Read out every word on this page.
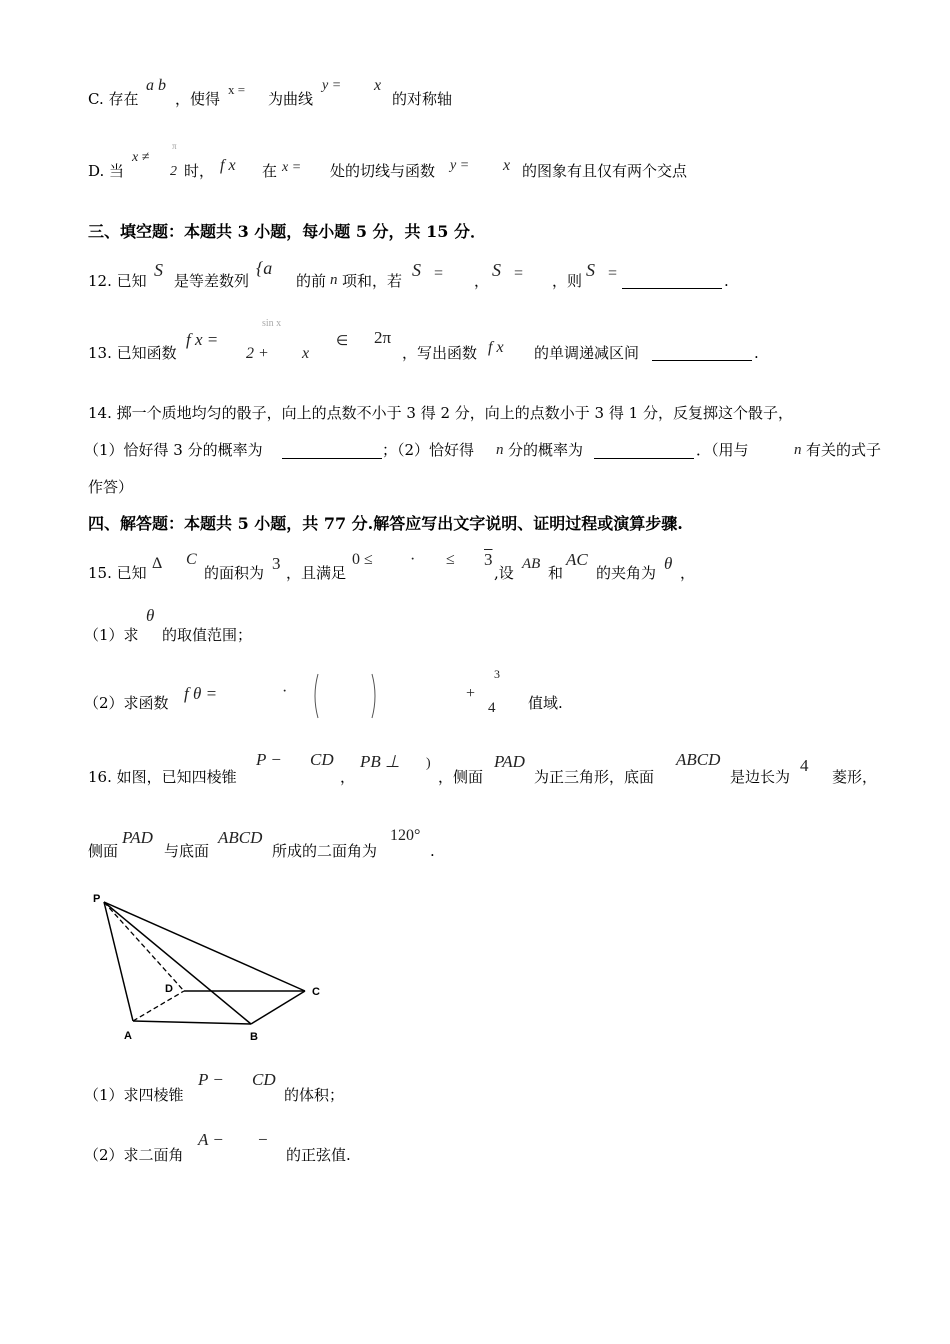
C. 存在
a b
，使得
x =
为曲线
y = x
的对称轴
D. 当
x ≠
π
2 时， f x 在 x = 处的切线与函数 y = x 的图象有且仅有两个交点
三、填空题：本题共 3 小题，每小题 5 分，共 15 分．
12. 已知
S
是等差数列
{a
的前 n 项和，若
S = ，
S = ，则
S =	.
13. 已知函数
f x =
sin x
2 + x
∈ 2π
，写出函数 f x 的单调递减区间	.
14. 掷一个质地均匀的骰子，向上的点数不小于 3 得 2 分，向上的点数小于 3 得 1 分，反复掷这个骰子，
（1）恰好得 3 分的概率为	；（2）恰好得 n 分的概率为	．（用与	n 有关的式子
作答）
四、解答题：本题共 5 小题，共 77 分.解答应写出文字说明、证明过程或演算步骤.
15. 已知
Δ C
的面积为 3 ，且满足
0 ≤ · ≤ 3
,设 AB 和
AC
的夹角为 θ ，
（1）求
θ
的取值范围；
（2）求函数 f θ =	·	+
3
4 值域.
16. 如图，已知四棱锥
P − CD
，
PB ⊥ )
，侧面
PAD
为正三角形，底面
ABCD
是边长为
4
菱形，
侧面
PAD
与底面
ABCD
所成的二面角为
120°
.
P
D	C
A	B
（1）求四棱锥
P − CD
的体积；
（2）求二面角
A − −
的正弦值.
